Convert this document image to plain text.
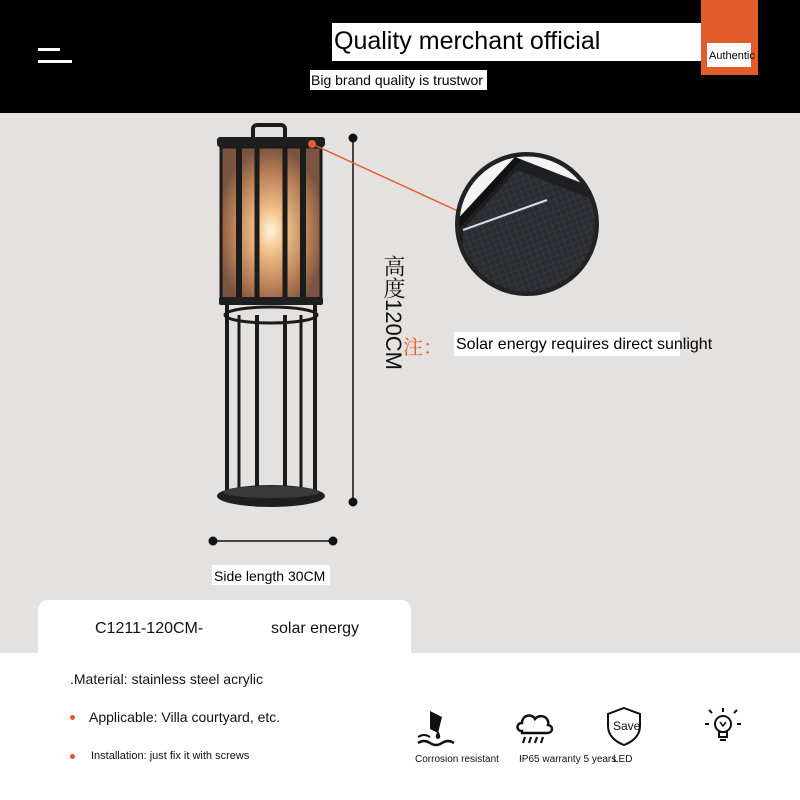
Quality merchant official
Authentic
Big brand quality is trustwor
高度120CM
Side length 30CM
注： Solar energy requires direct sunlight
C1211-120CM-	solar energy
.Material: stainless steel acrylic
Applicable: Villa courtyard, etc.
Installation: just fix it with screws	Corrosion resistant IP65 warranty 5 years
Save
LED
